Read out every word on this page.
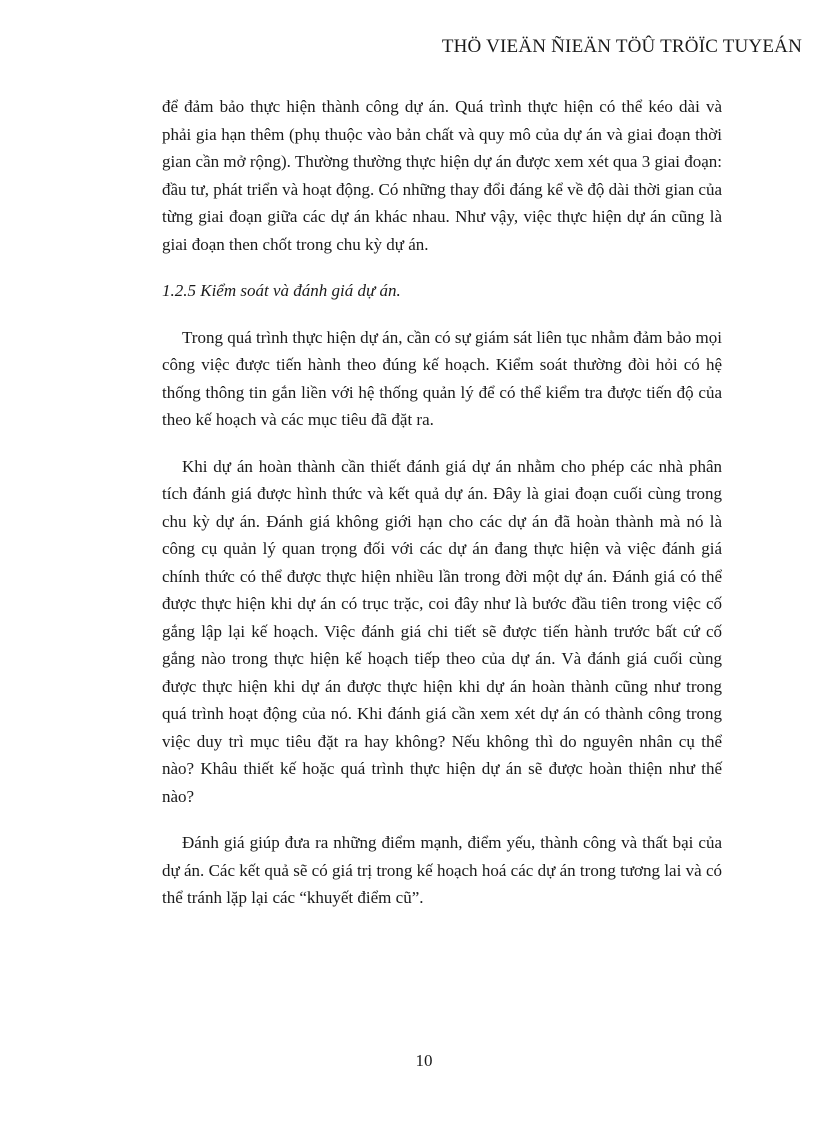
THÖ VIEÄN ÑIEÄN TÖÛ TRÖÏC TUYEÁN

để đảm bảo thực hiện thành công dự án. Quá trình thực hiện có thể kéo dài và phải gia hạn thêm (phụ thuộc vào bản chất và quy mô của dự án và giai đoạn thời gian cần mở rộng). Thường thường thực hiện dự án được xem xét qua 3 giai đoạn: đầu tư, phát triển và hoạt động. Có những thay đổi đáng kể về độ dài thời gian của từng giai đoạn giữa các dự án khác nhau. Như vậy, việc thực hiện dự án cũng là giai đoạn then chốt trong chu kỳ dự án.

1.2.5 Kiểm soát và đánh giá dự án.

Trong quá trình thực hiện dự án, cần có sự giám sát liên tục nhằm đảm bảo mọi công việc được tiến hành theo đúng kế hoạch. Kiểm soát thường đòi hỏi có hệ thống thông tin gắn liền với hệ thống quản lý để có thể kiểm tra được tiến độ của theo kế hoạch và các mục tiêu đã đặt ra.

Khi dự án hoàn thành cần thiết đánh giá dự án nhằm cho phép các nhà phân tích đánh giá được hình thức và kết quả dự án. Đây là giai đoạn cuối cùng trong chu kỳ dự án. Đánh giá không giới hạn cho các dự án đã hoàn thành mà nó là công cụ quản lý quan trọng đối với các dự án đang thực hiện và việc đánh giá chính thức có thể được thực hiện nhiều lần trong đời một dự án. Đánh giá có thể được thực hiện khi dự án có trục trặc, coi đây như là bước đầu tiên trong việc cố gắng lập lại kế hoạch. Việc đánh giá chi tiết sẽ được tiến hành trước bất cứ cố gắng nào trong thực hiện kế hoạch tiếp theo của dự án. Và đánh giá cuối cùng được thực hiện khi dự án được thực hiện khi dự án hoàn thành cũng như trong quá trình hoạt động của nó. Khi đánh giá cần xem xét dự án có thành công trong việc duy trì mục tiêu đặt ra hay không? Nếu không thì do nguyên nhân cụ thể nào? Khâu thiết kế hoặc quá trình thực hiện dự án sẽ được hoàn thiện như thế nào?

Đánh giá giúp đưa ra những điểm mạnh, điểm yếu, thành công và thất bại của dự án. Các kết quả sẽ có giá trị trong kế hoạch hoá các dự án trong tương lai và có thể tránh lặp lại các “khuyết điểm cũ”.

10
